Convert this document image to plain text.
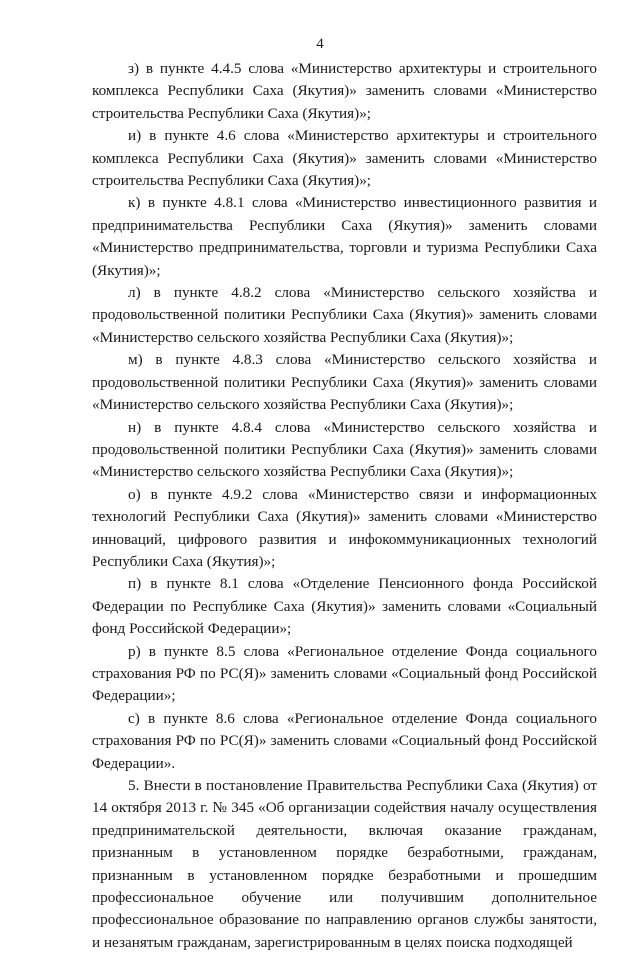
4

з) в пункте 4.4.5 слова «Министерство архитектуры и строительного комплекса Республики Саха (Якутия)» заменить словами «Министерство строительства Республики Саха (Якутия)»;

и) в пункте 4.6 слова «Министерство архитектуры и строительного комплекса Республики Саха (Якутия)» заменить словами «Министерство строительства Республики Саха (Якутия)»;

к) в пункте 4.8.1 слова «Министерство инвестиционного развития и предпринимательства Республики Саха (Якутия)» заменить словами «Министерство предпринимательства, торговли и туризма Республики Саха (Якутия)»;

л) в пункте 4.8.2 слова «Министерство сельского хозяйства и продовольственной политики Республики Саха (Якутия)» заменить словами «Министерство сельского хозяйства Республики Саха (Якутия)»;

м) в пункте 4.8.3 слова «Министерство сельского хозяйства и продовольственной политики Республики Саха (Якутия)» заменить словами «Министерство сельского хозяйства Республики Саха (Якутия)»;

н) в пункте 4.8.4 слова «Министерство сельского хозяйства и продовольственной политики Республики Саха (Якутия)» заменить словами «Министерство сельского хозяйства Республики Саха (Якутия)»;

о) в пункте 4.9.2 слова «Министерство связи и информационных технологий Республики Саха (Якутия)» заменить словами «Министерство инноваций, цифрового развития и инфокоммуникационных технологий Республики Саха (Якутия)»;

п) в пункте 8.1 слова «Отделение Пенсионного фонда Российской Федерации по Республике Саха (Якутия)» заменить словами «Социальный фонд Российской Федерации»;

р) в пункте 8.5 слова «Региональное отделение Фонда социального страхования РФ по РС(Я)» заменить словами «Социальный фонд Российской Федерации»;

с) в пункте 8.6 слова «Региональное отделение Фонда социального страхования РФ по РС(Я)» заменить словами «Социальный фонд Российской Федерации».

5. Внести в постановление Правительства Республики Саха (Якутия) от 14 октября 2013 г. № 345 «Об организации содействия началу осуществления предпринимательской деятельности, включая оказание гражданам, признанным в установленном порядке безработными, гражданам, признанным в установленном порядке безработными и прошедшим профессиональное обучение или получившим дополнительное профессиональное образование по направлению органов службы занятости, и незанятым гражданам, зарегистрированным в целях поиска подходящей
